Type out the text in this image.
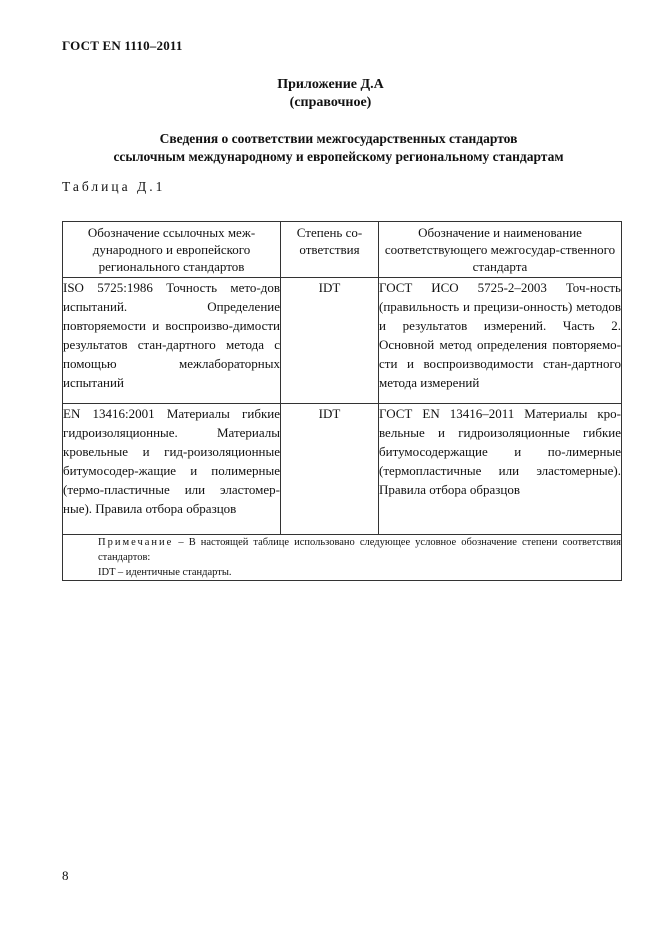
ГОСТ EN 1110–2011
Приложение Д.А
(справочное)
Сведения о соответствии межгосударственных стандартов
ссылочным международному и европейскому региональному стандартам
Таблица Д.1
Обозначение ссылочных меж-дународного и европейского регионального стандартов	Степень со-ответствия	Обозначение и наименование соответствующего межгосудар-ственного стандарта
ISO 5725:1986 Точность мето-дов испытаний. Определение повторяемости и воспроизво-димости результатов стан-дартного метода с помощью межлабораторных испытаний	IDT	ГОСТ ИСО 5725-2–2003 Точ-ность (правильность и прецизи-онность) методов и результатов измерений. Часть 2. Основной метод определения повторяемо-сти и воспроизводимости стан-дартного метода измерений
EN 13416:2001 Материалы гибкие гидроизоляционные. Материалы кровельные и гид-роизоляционные битумосодер-жащие и полимерные (термо-пластичные или эластомер-ные). Правила отбора образцов	IDT	ГОСТ EN 13416–2011 Материалы кро-вельные и гидроизоляционные гибкие битумосодержащие и по-лимерные (термопластичные или эластомерные). Правила отбора образцов

Примечание – В настоящей таблице использовано следующее условное обозначение степени соответствия стандартов:
IDT – идентичные стандарты.		
8
